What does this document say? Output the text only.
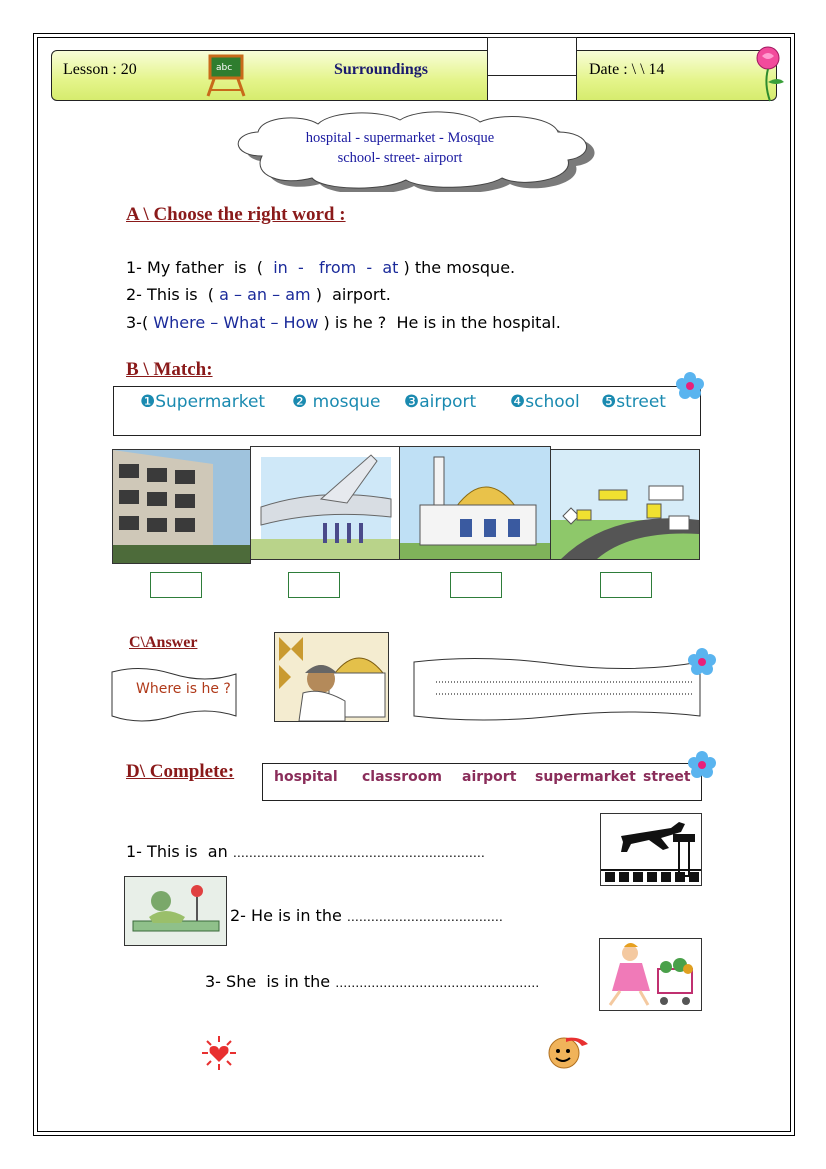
Lesson : 20	Surroundings	Date : \ \ 14
abc
hospital - supermarket - Mosque
school- street- airport
A \ Choose the right word :
1- My father  is  (  in  -   from  -  at ) the mosque.
2- This is  ( a – an – am )  airport.
3-( Where – What – How ) is he ?  He is in the hospital.
B \ Match:
❶Supermarket ❷ mosque ❸airport ❹school ❺street
C\Answer
Where is he ?
D\ Complete:	hospital classroom airport supermarket street
1- This is  an ………………………………………………………
2- He is in the …………………………………
3- She  is in the ……………………………………………
